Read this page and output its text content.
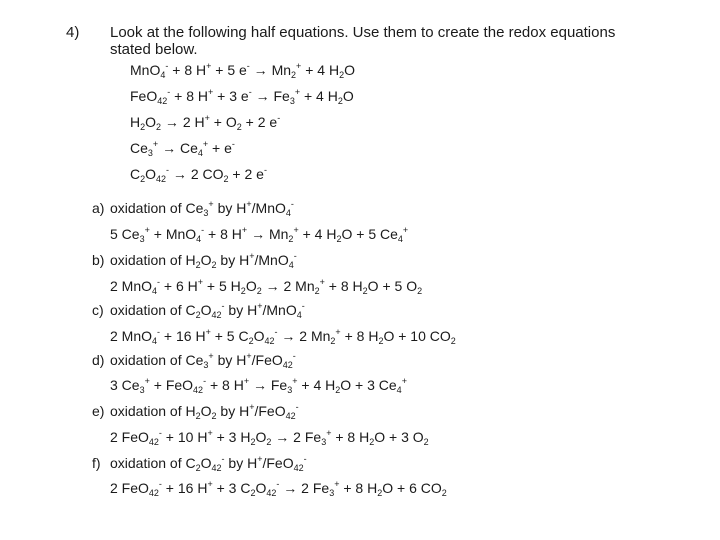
4) Look at the following half equations. Use them to create the redox equations stated below.
MnO$_4$- + 8 H+ + 5 $e^- \to Mn_2^+ + 4$ $H_2O$
FeO$_{42}$- + 8 H+ + 3 $e^- \to Fe_3^+ + 4$ $H_2O$
$H_2O_2 \to 2$ $H^+ + O_2 + 2$ e-
$Ce_3^+ \to Ce_4^+ + e^-$
$C_2O_{42}^- \to 2$ $CO_2 + 2$ e-
a) oxidation of $Ce_3^+$ by H+/MnO$_4$-
5 $Ce_3^+ + MnO_4^- + 8$ $H^+ \to Mn_2^+ + 4$ $H_2O + 5$ $Ce_4^+$
b) oxidation of $H_2O_2$ by H+/MnO$_4$-
2 MnO$_4$- + 6 H+ + 5 $H_2O_2 \to 2$ $Mn_2^+ + 8$ $H_2O + 5$ $O_2$
c) oxidation of $C_2O_{42}^-$ by H+/MnO$_4$-
2 MnO$_4$- + 16 H+ + 5 $C_2O_{42}^- \to 2$ $Mn_2^+ + 8$ $H_2O + 10$ $CO_2$
d) oxidation of $Ce_3^+$ by H+/FeO$_{42}$-
3 $Ce_3^+ + FeO_{42}^- + 8$ $H^+ \to Fe_3^+ + 4$ $H_2O + 3$ $Ce_4^+$
e) oxidation of $H_2O_2$ by H+/FeO$_{42}$-
2 FeO$_{42}$- + 10 H+ + 3 $H_2O_2 \to 2$ $Fe_3^+ + 8$ $H_2O + 3$ $O_2$
f) oxidation of $C_2O_{42}^-$ by H+/FeO$_{42}$-
2 FeO$_{42}$- + 16 H+ + 3 $C_2O_{42}^- \to 2$ $Fe_3^+ + 8$ $H_2O + 6$ $CO_2$
